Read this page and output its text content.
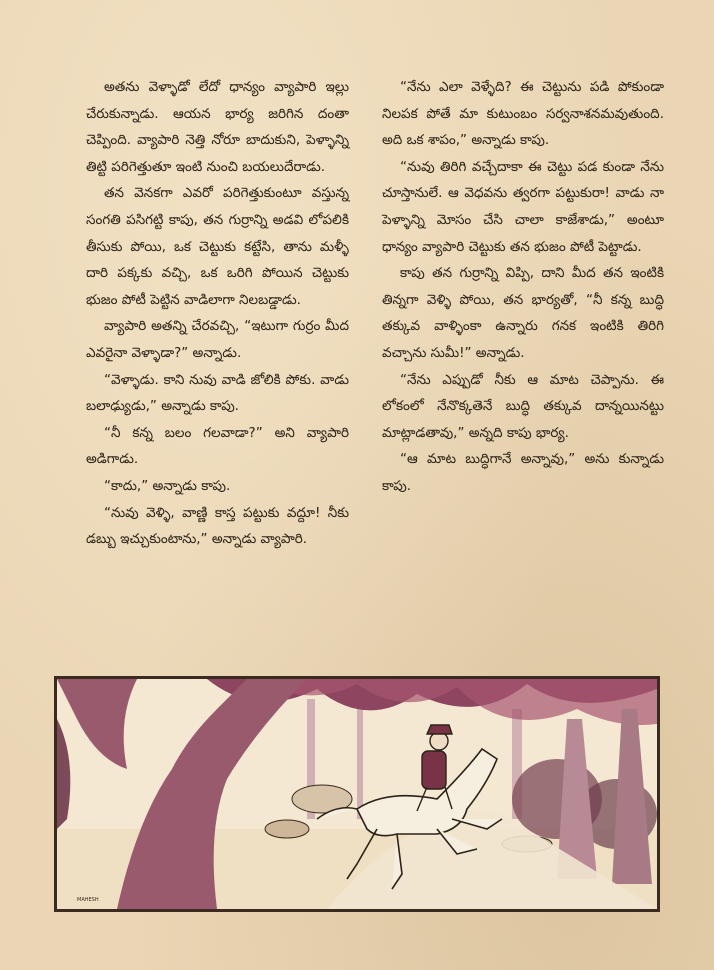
అతను వెళ్ళాడో లేదో ధాన్యం వ్యాపారి ఇల్లు చేరుకున్నాడు. ఆయన భార్య జరిగిన దంతా చెప్పింది. వ్యాపారి నెత్తి నోరూ బాదుకుని, పెళ్ళాన్ని తిట్టి పరిగెత్తుతూ ఇంటి నుంచి బయలుదేరాడు.

తన వెనకగా ఎవరో పరిగెత్తుకుంటూ వస్తున్న సంగతి పసిగట్టి కాపు, తన గుర్రాన్ని అడవి లోపలికి తీసుకు పోయి, ఒక చెట్టుకు కట్టేసి, తాను మళ్ళీ దారి పక్కకు వచ్చి, ఒక ఒరిగి పోయిన చెట్టుకు భుజం పోటీ పెట్టిన వాడిలాగా నిలబడ్డాడు.

వ్యాపారి అతన్ని చేరవచ్చి, “ఇటుగా గుర్రం మీద ఎవరైనా వెళ్ళాడా?” అన్నాడు.

“వెళ్ళాడు. కాని నువు వాడి జోలికి పోకు. వాడు బలాఢ్యుడు,” అన్నాడు కాపు.

“నీ కన్న బలం గలవాడా?” అని వ్యాపారి అడిగాడు.

“కాదు,” అన్నాడు కాపు.

“నువు వెళ్ళి, వాణ్ణి కాస్త పట్టుకు వద్దూ! నీకు డబ్బు ఇచ్చుకుంటాను,” అన్నాడు వ్యాపారి.

“నేను ఎలా వెళ్ళేది? ఈ చెట్టును పడి పోకుండా నిలపక పోతే మా కుటుంబం సర్వనాశనమవుతుంది. అది ఒక శాపం,” అన్నాడు కాపు.

“నువు తిరిగి వచ్చేదాకా ఈ చెట్టు పడ కుండా నేను చూస్తానులే. ఆ వెధవను త్వరగా పట్టుకురా! వాడు నా పెళ్ళాన్ని మోసం చేసి చాలా కాజేశాడు,” అంటూ ధాన్యం వ్యాపారి చెట్టుకు తన భుజం పోటీ పెట్టాడు.

కాపు తన గుర్రాన్ని విప్పి, దాని మీద తన ఇంటికి తిన్నగా వెళ్ళి పోయి, తన భార్యతో, “నీ కన్న బుద్ధి తక్కువ వాళ్ళింకా ఉన్నారు గనక ఇంటికి తిరిగి వచ్చాను సుమీ!” అన్నాడు.

“నేను ఎప్పుడో నీకు ఆ మాట చెప్పాను. ఈ లోకంలో నేనొక్కతెనే బుద్ధి తక్కువ దాన్నయినట్టు మాట్లాడతావు,” అన్నది కాపు భార్య.

“ఆ మాట బుద్ధిగానే అన్నావు,” అను కున్నాడు కాపు.

MAHESH
